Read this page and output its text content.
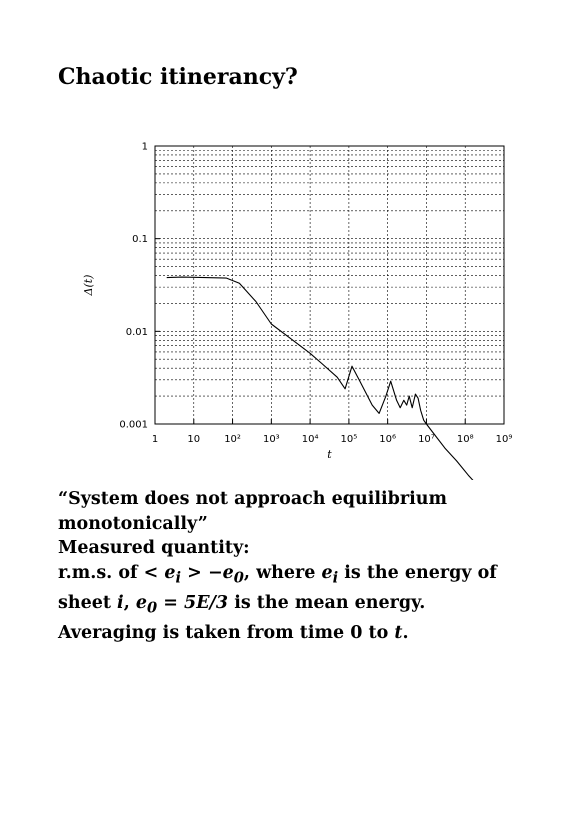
Chaotic itinerancy?
1	10 10² 10³ 10⁴ 10⁵ 10⁶ 10⁷ 10⁸ 10⁹
0.001
0.01
0.1
1
t
Δ(t)

“System does not approach equilibrium monotonically”

Measured quantity:

r.m.s. of < $e_i > -e_0$, where $e_i$ is the energy of sheet i, $e_0 = 5E/3$ is the mean energy. Averaging is taken from time 0 to t.
